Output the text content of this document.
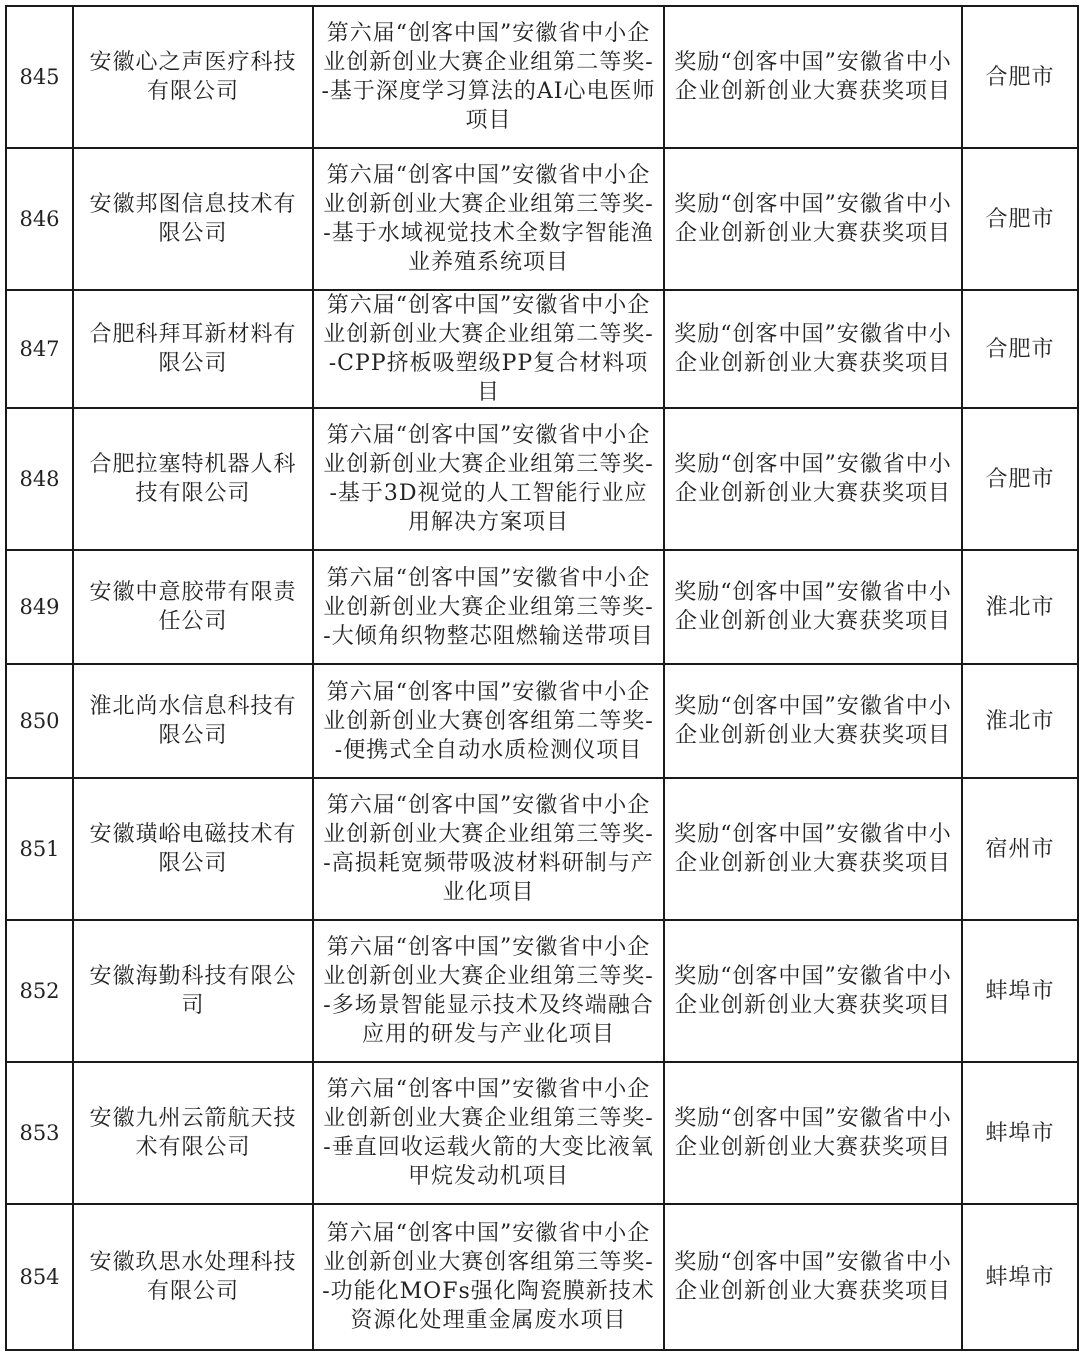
845	安徽心之声医疗科技有限公司	第六届“创客中国”安徽省中小企业创新创业大赛企业组第二等奖--基于深度学习算法的AI心电医师项目	奖励“创客中国”安徽省中小企业创新创业大赛获奖项目	合肥市
846	安徽邦图信息技术有限公司	第六届“创客中国”安徽省中小企业创新创业大赛企业组第三等奖--基于水域视觉技术全数字智能渔业养殖系统项目	奖励“创客中国”安徽省中小企业创新创业大赛获奖项目	合肥市
847	合肥科拜耳新材料有限公司	第六届“创客中国”安徽省中小企业创新创业大赛企业组第二等奖--CPP挤板吸塑级PP复合材料项目	奖励“创客中国”安徽省中小企业创新创业大赛获奖项目	合肥市
848	合肥拉塞特机器人科技有限公司	第六届“创客中国”安徽省中小企业创新创业大赛企业组第三等奖--基于3D视觉的人工智能行业应用解决方案项目	奖励“创客中国”安徽省中小企业创新创业大赛获奖项目	合肥市
849	安徽中意胶带有限责任公司	第六届“创客中国”安徽省中小企业创新创业大赛企业组第三等奖--大倾角织物整芯阻燃输送带项目	奖励“创客中国”安徽省中小企业创新创业大赛获奖项目	淮北市
850	淮北尚水信息科技有限公司	第六届“创客中国”安徽省中小企业创新创业大赛创客组第二等奖--便携式全自动水质检测仪项目	奖励“创客中国”安徽省中小企业创新创业大赛获奖项目	淮北市
851	安徽璜峪电磁技术有限公司	第六届“创客中国”安徽省中小企业创新创业大赛企业组第三等奖--高损耗宽频带吸波材料研制与产业化项目	奖励“创客中国”安徽省中小企业创新创业大赛获奖项目	宿州市
852	安徽海勤科技有限公司	第六届“创客中国”安徽省中小企业创新创业大赛企业组第三等奖--多场景智能显示技术及终端融合应用的研发与产业化项目	奖励“创客中国”安徽省中小企业创新创业大赛获奖项目	蚌埠市
853	安徽九州云箭航天技术有限公司	第六届“创客中国”安徽省中小企业创新创业大赛企业组第三等奖--垂直回收运载火箭的大变比液氧甲烷发动机项目	奖励“创客中国”安徽省中小企业创新创业大赛获奖项目	蚌埠市
854	安徽玖思水处理科技有限公司	第六届“创客中国”安徽省中小企业创新创业大赛创客组第三等奖--功能化MOFs强化陶瓷膜新技术资源化处理重金属废水项目	奖励“创客中国”安徽省中小企业创新创业大赛获奖项目	蚌埠市
